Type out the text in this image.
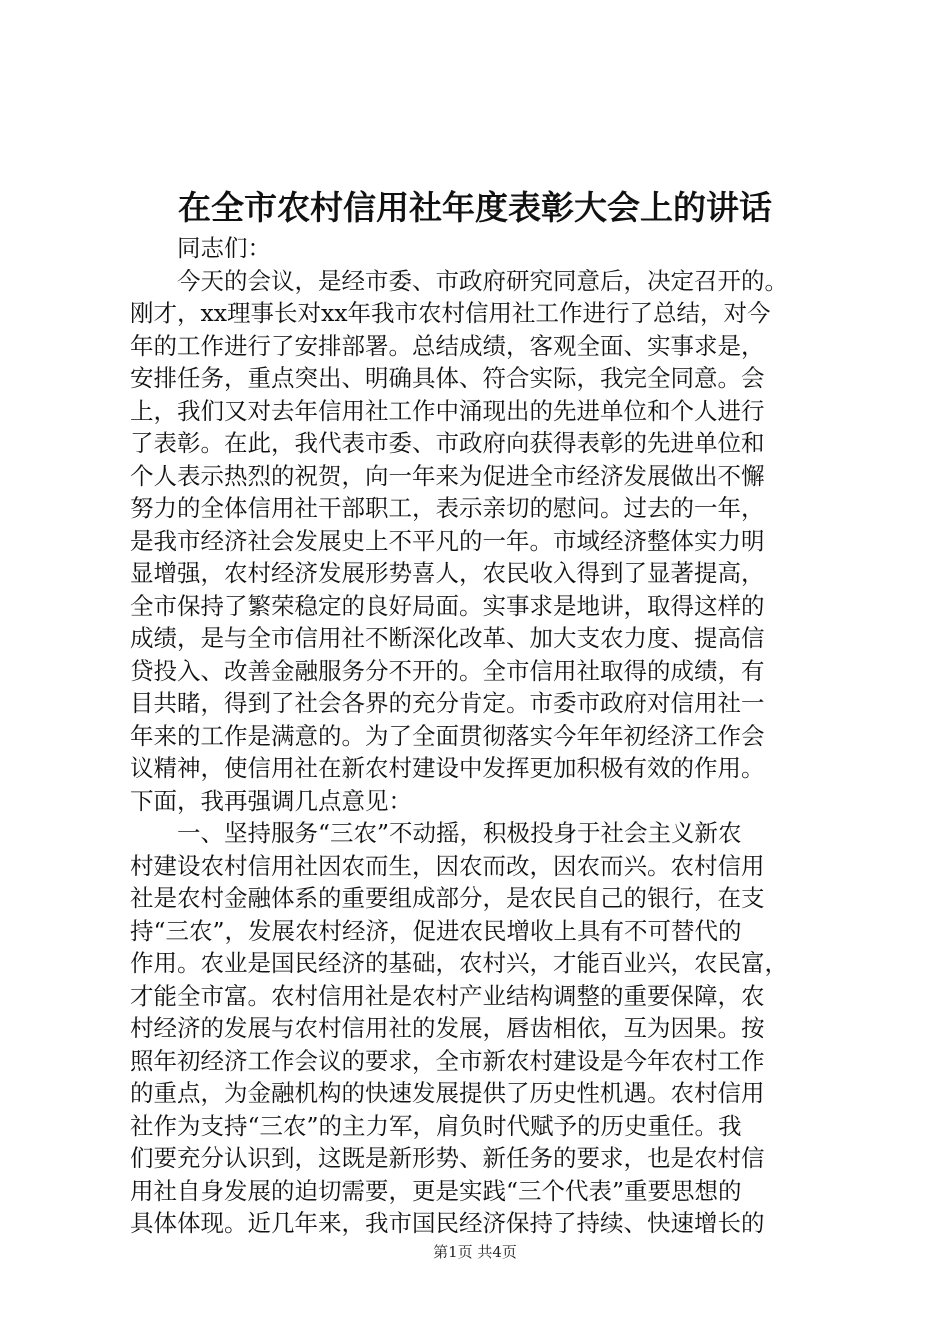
在全市农村信用社年度表彰大会上的讲话
同志们：
今天的会议，是经市委、市政府研究同意后，决定召开的。
刚才，xx理事长对xx年我市农村信用社工作进行了总结，对今
年的工作进行了安排部署。总结成绩，客观全面、实事求是，
安排任务，重点突出、明确具体、符合实际，我完全同意。会
上，我们又对去年信用社工作中涌现出的先进单位和个人进行
了表彰。在此，我代表市委、市政府向获得表彰的先进单位和
个人表示热烈的祝贺，向一年来为促进全市经济发展做出不懈
努力的全体信用社干部职工，表示亲切的慰问。过去的一年，
是我市经济社会发展史上不平凡的一年。市域经济整体实力明
显增强，农村经济发展形势喜人，农民收入得到了显著提高，
全市保持了繁荣稳定的良好局面。实事求是地讲，取得这样的
成绩，是与全市信用社不断深化改革、加大支农力度、提高信
贷投入、改善金融服务分不开的。全市信用社取得的成绩，有
目共睹，得到了社会各界的充分肯定。市委市政府对信用社一
年来的工作是满意的。为了全面贯彻落实今年年初经济工作会
议精神，使信用社在新农村建设中发挥更加积极有效的作用。
下面，我再强调几点意见：
一、坚持服务“三农”不动摇，积极投身于社会主义新农
村建设农村信用社因农而生，因农而改，因农而兴。农村信用
社是农村金融体系的重要组成部分，是农民自己的银行，在支
持“三农”，发展农村经济，促进农民增收上具有不可替代的
作用。农业是国民经济的基础，农村兴，才能百业兴，农民富，
才能全市富。农村信用社是农村产业结构调整的重要保障，农
村经济的发展与农村信用社的发展，唇齿相依，互为因果。按
照年初经济工作会议的要求，全市新农村建设是今年农村工作
的重点，为金融机构的快速发展提供了历史性机遇。农村信用
社作为支持“三农”的主力军，肩负时代赋予的历史重任。我
们要充分认识到，这既是新形势、新任务的要求，也是农村信
用社自身发展的迫切需要，更是实践“三个代表”重要思想的
具体体现。近几年来，我市国民经济保持了持续、快速增长的
第1页 共4页
